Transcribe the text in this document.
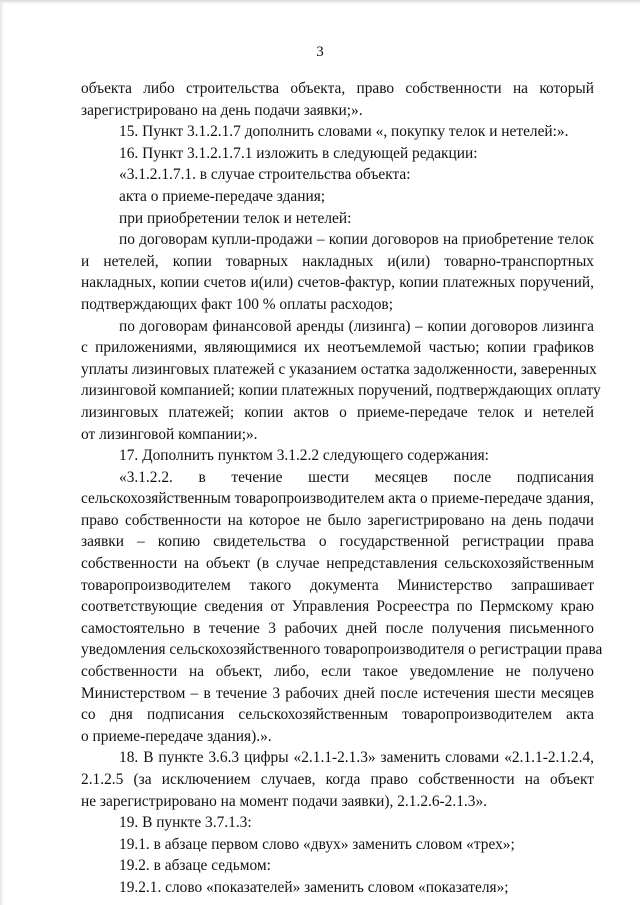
3
объекта либо строительства объекта, право собственности на который
зарегистрировано на день подачи заявки;».
15. Пункт 3.1.2.1.7 дополнить словами «, покупку телок и нетелей:».
16. Пункт 3.1.2.1.7.1 изложить в следующей редакции:
«3.1.2.1.7.1. в случае строительства объекта:
акта о приеме-передаче здания;
при приобретении телок и нетелей:
по договорам купли-продажи – копии договоров на приобретение телок
и нетелей, копии товарных накладных и(или) товарно-транспортных
накладных, копии счетов и(или) счетов-фактур, копии платежных поручений,
подтверждающих факт 100 % оплаты расходов;
по договорам финансовой аренды (лизинга) – копии договоров лизинга
с приложениями, являющимися их неотъемлемой частью; копии графиков
уплаты лизинговых платежей с указанием остатка задолженности, заверенных
лизинговой компанией; копии платежных поручений, подтверждающих оплату
лизинговых платежей; копии актов о приеме-передаче телок и нетелей
от лизинговой компании;».
17. Дополнить пунктом 3.1.2.2 следующего содержания:
«3.1.2.2. в течение шести месяцев после подписания
сельскохозяйственным товаропроизводителем акта о приеме-передаче здания,
право собственности на которое не было зарегистрировано на день подачи
заявки – копию свидетельства о государственной регистрации права
собственности на объект (в случае непредставления сельскохозяйственным
товаропроизводителем такого документа Министерство запрашивает
соответствующие сведения от Управления Росреестра по Пермскому краю
самостоятельно в течение 3 рабочих дней после получения письменного
уведомления сельскохозяйственного товаропроизводителя о регистрации права
собственности на объект, либо, если такое уведомление не получено
Министерством – в течение 3 рабочих дней после истечения шести месяцев
со дня подписания сельскохозяйственным товаропроизводителем акта
о приеме-передаче здания).».
18. В пункте 3.6.3 цифры «2.1.1-2.1.3» заменить словами «2.1.1-2.1.2.4,
2.1.2.5 (за исключением случаев, когда право собственности на объект
не зарегистрировано на момент подачи заявки), 2.1.2.6-2.1.3».
19. В пункте 3.7.1.3:
19.1. в абзаце первом слово «двух» заменить словом «трех»;
19.2. в абзаце седьмом:
19.2.1. слово «показателей» заменить словом «показателя»;
